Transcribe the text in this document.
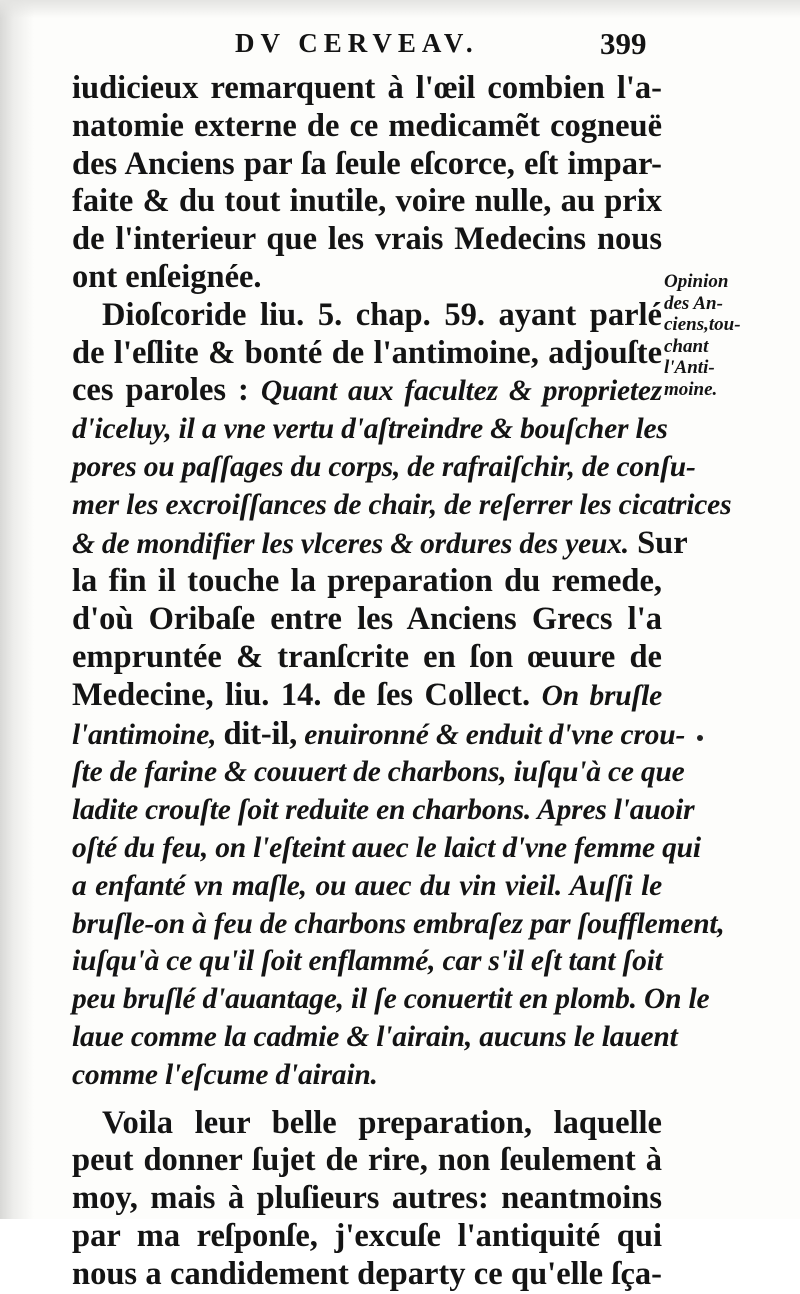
DV CERVEAV.	399
iudicieux remarquent à l'œil combien l'a-
natomie externe de ce medicamẽt cogneuë
des Anciens par ſa ſeule eſcorce, eſt impar-
faite & du tout inutile, voire nulle, au prix
de l'interieur que les vrais Medecins nous
ont enſeignée.
Dioſcoride liu. 5. chap. 59. ayant parlé
de l'eſlite & bonté de l'antimoine, adjouſte
ces paroles : Quant aux facultez & proprietez
d'iceluy, il a vne vertu d'aſtreindre & bouſcher les
pores ou paſſages du corps, de rafraiſchir, de conſu-
mer les excroiſſances de chair, de reſerrer les cicatrices
& de mondifier les vlceres & ordures des yeux. Sur
la fin il touche la preparation du remede,
d'où Oribaſe entre les Anciens Grecs l'a
empruntée & tranſcrite en ſon œuure de
Medecine, liu. 14. de ſes Collect. On bruſle
l'antimoine, dit-il, enuironné & enduit d'vne crou-
ſte de farine & couuert de charbons, iuſqu'à ce que
ladite crouſte ſoit reduite en charbons. Apres l'auoir
oſté du feu, on l'eſteint auec le laict d'vne femme qui
a enfanté vn maſle, ou auec du vin vieil. Auſſi le
bruſle-on à feu de charbons embraſez par ſoufflement,
iuſqu'à ce qu'il ſoit enflammé, car s'il eſt tant ſoit
peu bruſlé d'auantage, il ſe conuertit en plomb. On le
laue comme la cadmie & l'airain, aucuns le lauent
comme l'eſcume d'airain.
Voila leur belle preparation, laquelle
peut donner ſujet de rire, non ſeulement à
moy, mais à pluſieurs autres: neantmoins
par ma reſponſe, j'excuſe l'antiquité qui
nous a candidement departy ce qu'elle ſça-
Opinion
des An-
ciens,tou-
chant
l'Anti-
moine.
